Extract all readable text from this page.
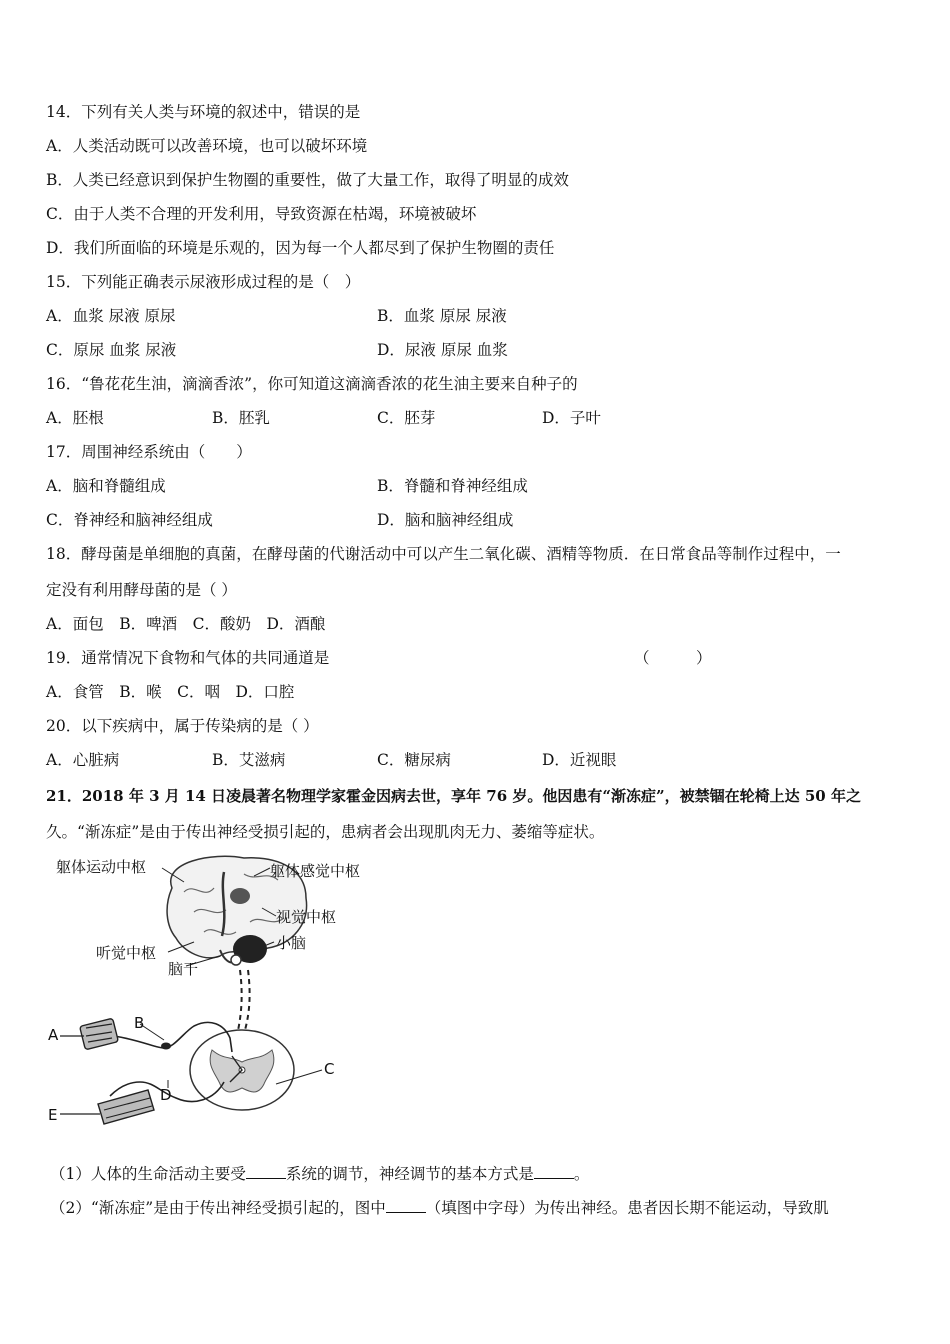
14．下列有关人类与环境的叙述中，错误的是
A．人类活动既可以改善环境，也可以破坏环境
B．人类已经意识到保护生物圈的重要性，做了大量工作，取得了明显的成效
C．由于人类不合理的开发利用，导致资源在枯竭，环境被破坏
D．我们所面临的环境是乐观的，因为每一个人都尽到了保护生物圈的责任
15．下列能正确表示尿液形成过程的是（　）
A．血浆 尿液 原尿	B．血浆 原尿 尿液
C．原尿 血浆 尿液	D．尿液 原尿 血浆
16．“鲁花花生油，滴滴香浓”，你可知道这滴滴香浓的花生油主要来自种子的
A．胚根	B．胚乳	C．胚芽	D．子叶
17．周围神经系统由（　　）
A．脑和脊髓组成	B．脊髓和脊神经组成
C．脊神经和脑神经组成	D．脑和脑神经组成
18．酵母菌是单细胞的真菌，在酵母菌的代谢活动中可以产生二氧化碳、酒精等物质．在日常食品等制作过程中，一
定没有利用酵母菌的是（ ）
A．面包　B．啤酒　C．酸奶　D．酒酿
19．通常情况下食物和气体的共同通道是	（　　　）
A．食管　B．喉　C．咽　D．口腔
20．以下疾病中，属于传染病的是（ ）
A．心脏病	B．艾滋病	C．糖尿病	D．近视眼
21．2018 年 3 月 14 日凌晨著名物理学家霍金因病去世，享年 76 岁。他因患有“渐冻症”，被禁锢在轮椅上达 50 年之
久。“渐冻症”是由于传出神经受损引起的，患病者会出现肌肉无力、萎缩等症状。
躯体运动中枢	躯体感觉中枢
视觉中枢
小脑
听觉中枢
脑干
A
B
C
D
E
（1）人体的生命活动主要受	系统的调节，神经调节的基本方式是	。
（2）“渐冻症”是由于传出神经受损引起的，图中	（填图中字母）为传出神经。患者因长期不能运动，导致肌
